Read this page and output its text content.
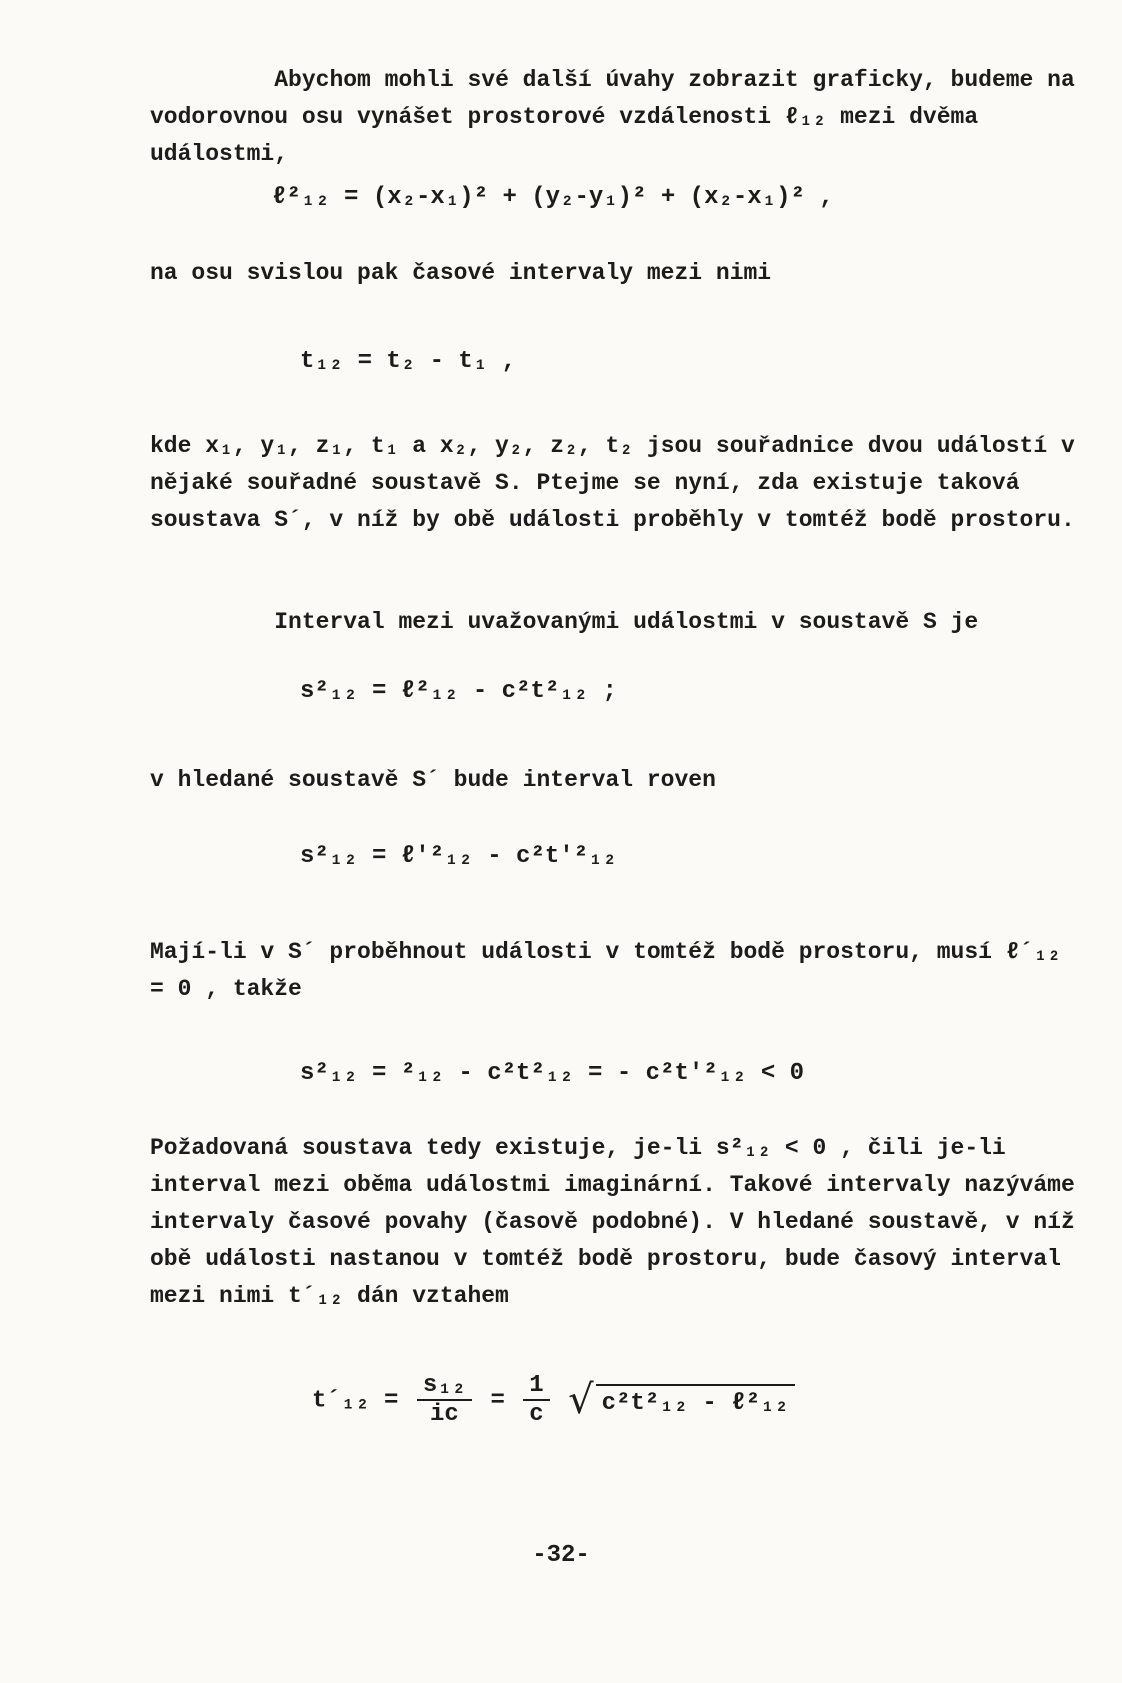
Abychom mohli své další úvahy zobrazit graficky, budeme na vodorovnou osu vynášet prostorové vzdálenosti ℓ₁₂ mezi dvěma událostmi,

ℓ²₁₂ = (x₂-x₁)² + (y₂-y₁)² + (x₂-x₁)² ,

na osu svislou pak časové intervaly mezi nimi

t₁₂ = t₂ - t₁ ,

kde x₁, y₁, z₁, t₁ a x₂, y₂, z₂, t₂ jsou souřadnice dvou událostí v nějaké souřadné soustavě S. Ptejme se nyní, zda existuje taková soustava S´, v níž by obě události proběhly v tomtéž bodě prostoru.

Interval mezi uvažovanými událostmi v soustavě S je

s²₁₂ = ℓ²₁₂ - c²t²₁₂ ;

v hledané soustavě S´ bude interval roven

s²₁₂ = ℓ'²₁₂ - c²t'²₁₂

Mají-li v S´ proběhnout události v tomtéž bodě prostoru, musí ℓ´₁₂ = 0 , takže

s²₁₂ = ²₁₂ - c²t²₁₂ = - c²t'²₁₂ < 0

Požadovaná soustava tedy existuje, je-li s²₁₂ < 0 , čili je-li interval mezi oběma událostmi imaginární. Takové intervaly nazýváme intervaly časové povahy (časově podobné). V hledané soustavě, v níž obě události nastanou v tomtéž bodě prostoru, bude časový interval mezi nimi t´₁₂ dán vztahem

t´₁₂ = $\frac{\text{s₁₂}}{ic} = \frac{1}{c}$ √ c²t²₁₂ - ℓ²₁₂
-32-
